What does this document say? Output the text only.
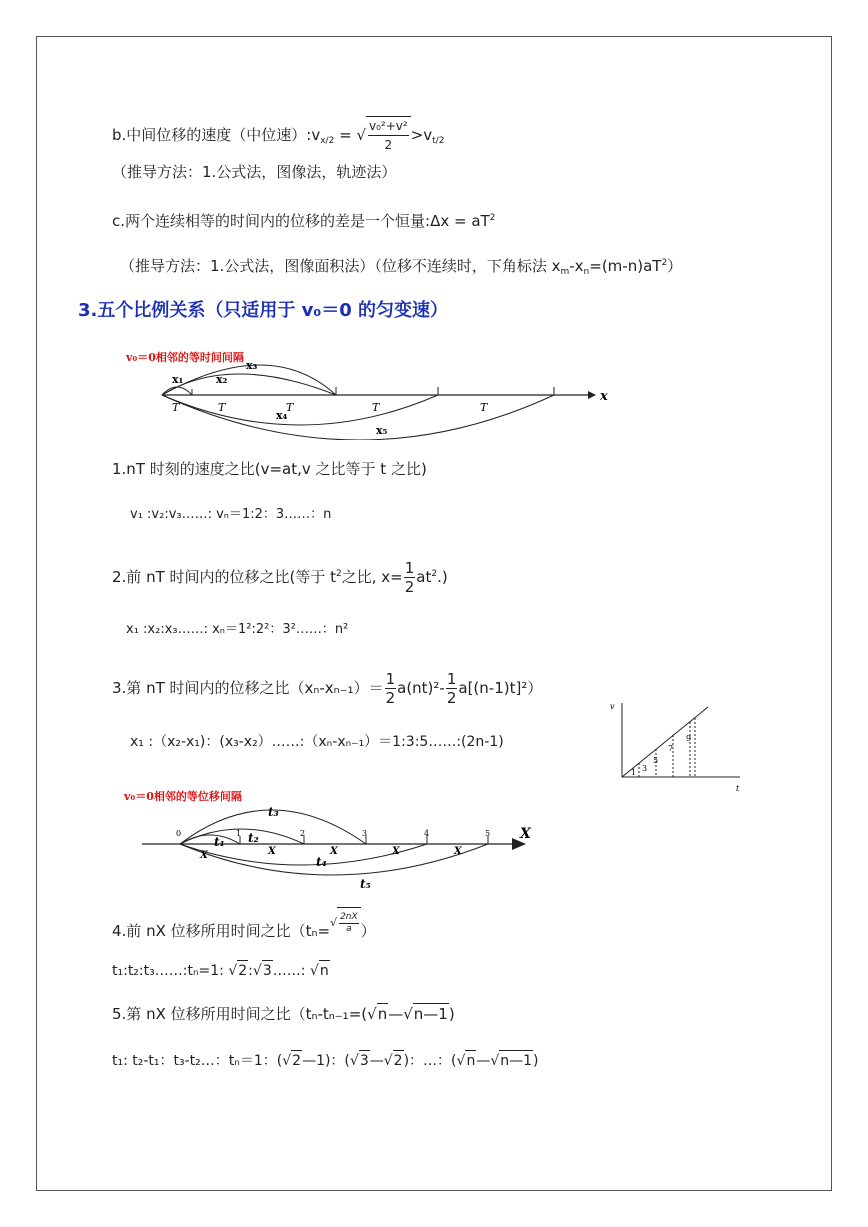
b.中间位移的速度（中位速）$:v_{x/2}$ = √ $\frac{\text{v₀²+v²}}{2} >v_{t/2}$
（推导方法：1.公式法，图像法，轨迹法）
c.两个连续相等的时间内的位移的差是一个恒量:Δx = $aT^2$
（推导方法：1.公式法，图像面积法）（位移不连续时，下角标法 $x_m-x_n=(m-n)aT^2$）
3.五个比例关系（只适用于 v₀＝0 的匀变速）
v₀＝0相邻的等时间间隔
x
x₁	x₂
x₃
x₄
x₅
T	T	T	T	T
1.nT 时刻的速度之比(v=at,v 之比等于 t 之比)
v₁ :v₂:v₃……: vₙ＝1:2：3……：n
2.前 nT 时间内的位移之比(等于 $t^2$之比, $x= \frac{1}{2} at^2$.)
x₁ :x₂:x₃……: xₙ＝1²:2²：3²……：n²
3.第 nT 时间内的位移之比$(x_n-x_{n-1})= \frac{1}{2} a(nt)^2- \frac{1}{2} a[(n-1)t]^2$）
x₁ :（x₂-x₁)：(x₃-x₂）……:（xₙ-xₙ₋₁）＝1:3:5……:(2n-1)
v
t
1 3
5
7
9
v₀＝0相邻的等位移间隔
X
0	1	2	3	4	5
X	X	X	X	X
t₁ t₂
t₃
t₄
t₅
4.前 nX 位移所用时间之比（tₙ=$^{√ \frac{2nX}{a}}$ ）
t₁:t₂:t₃……:tₙ=1: √2:√3……: √n
5.第 nX 位移所用时间之比（tₙ-tₙ₋₁=(√n—√n—1)
t₁: t₂-t₁：t₃-t₂…：tₙ＝1：(√2—1)：(√3—√2)：…：(√n—√n—1)
